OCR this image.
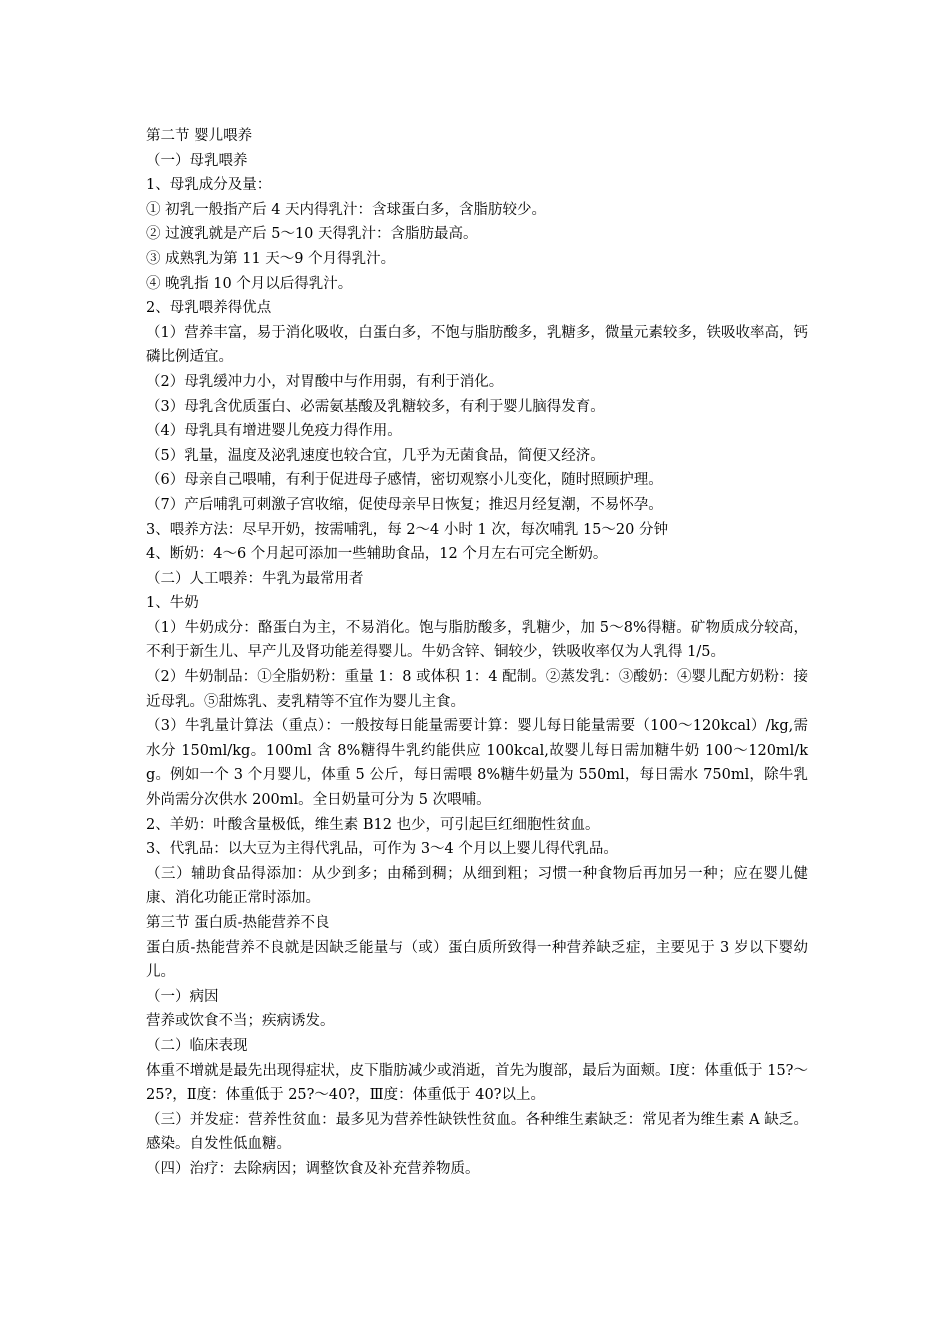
第二节 婴儿喂养
（一）母乳喂养
1、母乳成分及量：
① 初乳一般指产后 4 天内得乳汁：含球蛋白多，含脂肪较少。
② 过渡乳就是产后 5～10 天得乳汁：含脂肪最高。
③ 成熟乳为第 11 天～9 个月得乳汁。
④ 晚乳指 10 个月以后得乳汁。
2、母乳喂养得优点
（1）营养丰富，易于消化吸收，白蛋白多，不饱与脂肪酸多，乳糖多，微量元素较多，铁吸收率高，钙磷比例适宜。
（2）母乳缓冲力小，对胃酸中与作用弱，有利于消化。
（3）母乳含优质蛋白、必需氨基酸及乳糖较多，有利于婴儿脑得发育。
（4）母乳具有增进婴儿免疫力得作用。
（5）乳量，温度及泌乳速度也较合宜，几乎为无菌食品，简便又经济。
（6）母亲自己喂哺，有利于促进母子感情，密切观察小儿变化，随时照顾护理。
（7）产后哺乳可刺激子宫收缩，促使母亲早日恢复；推迟月经复潮，不易怀孕。
3、喂养方法：尽早开奶，按需哺乳，每 2～4 小时 1 次，每次哺乳 15～20 分钟
4、断奶：4～6 个月起可添加一些辅助食品，12 个月左右可完全断奶。
（二）人工喂养：牛乳为最常用者
1、牛奶
（1）牛奶成分：酪蛋白为主，不易消化。饱与脂肪酸多，乳糖少，加 5～8%得糖。矿物质成分较高，不利于新生儿、早产儿及肾功能差得婴儿。牛奶含锌、铜较少，铁吸收率仅为人乳得 1/5。
（2）牛奶制品：①全脂奶粉：重量 1：8 或体积 1：4 配制。②蒸发乳：③酸奶：④婴儿配方奶粉：接近母乳。⑤甜炼乳、麦乳精等不宜作为婴儿主食。
（3）牛乳量计算法（重点）：一般按每日能量需要计算：婴儿每日能量需要（100～120kcal）/kg,需水分 150ml/kg。100ml 含 8%糖得牛乳约能供应 100kcal,故婴儿每日需加糖牛奶 100～120ml/kg。例如一个 3 个月婴儿，体重 5 公斤，每日需喂 8%糖牛奶量为 550ml，每日需水 750ml，除牛乳外尚需分次供水 200ml。全日奶量可分为 5 次喂哺。
2、羊奶：叶酸含量极低，维生素 B12 也少，可引起巨红细胞性贫血。
3、代乳品：以大豆为主得代乳品，可作为 3～4 个月以上婴儿得代乳品。
（三）辅助食品得添加：从少到多；由稀到稠；从细到粗；习惯一种食物后再加另一种；应在婴儿健康、消化功能正常时添加。
第三节 蛋白质-热能营养不良
蛋白质-热能营养不良就是因缺乏能量与（或）蛋白质所致得一种营养缺乏症，主要见于 3 岁以下婴幼儿。
（一）病因
营养或饮食不当；疾病诱发。
（二）临床表现
体重不增就是最先出现得症状，皮下脂肪减少或消逝，首先为腹部，最后为面颊。Ⅰ度：体重低于 15?～25?，Ⅱ度：体重低于 25?～40?，Ⅲ度：体重低于 40?以上。
（三）并发症：营养性贫血：最多见为营养性缺铁性贫血。各种维生素缺乏：常见者为维生素 A 缺乏。感染。自发性低血糖。
（四）治疗：去除病因；调整饮食及补充营养物质。
